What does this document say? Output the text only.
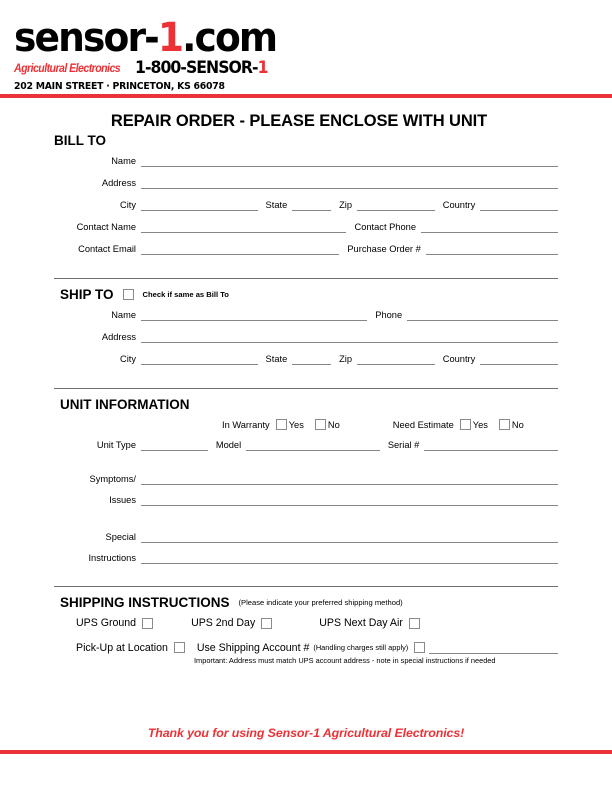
sensor-1.com
Agricultural Electronics 1-800-SENSOR-1
202 MAIN STREET · PRINCETON, KS 66078
REPAIR ORDER - PLEASE ENCLOSE WITH UNIT
BILL TO
Name
Address
City	State	Zip	Country
Contact Name	Contact Phone
Contact Email	Purchase Order #
SHIP TO	Check if same as Bill To
Name	Phone
Address
City	State	Zip	Country
UNIT INFORMATION
In Warranty Yes	No	Need Estimate Yes	No
Unit Type	Model	Serial #
Symptoms/
Issues
Special
Instructions
SHIPPING INSTRUCTIONS (Please indicate your preferred shipping method)
UPS Ground	UPS 2nd Day	UPS Next Day Air
Pick-Up at Location	Use Shipping Account # (Handling charges still apply)
Important: Address must match UPS account address - note in special instructions if needed
Thank you for using Sensor-1 Agricultural Electronics!
